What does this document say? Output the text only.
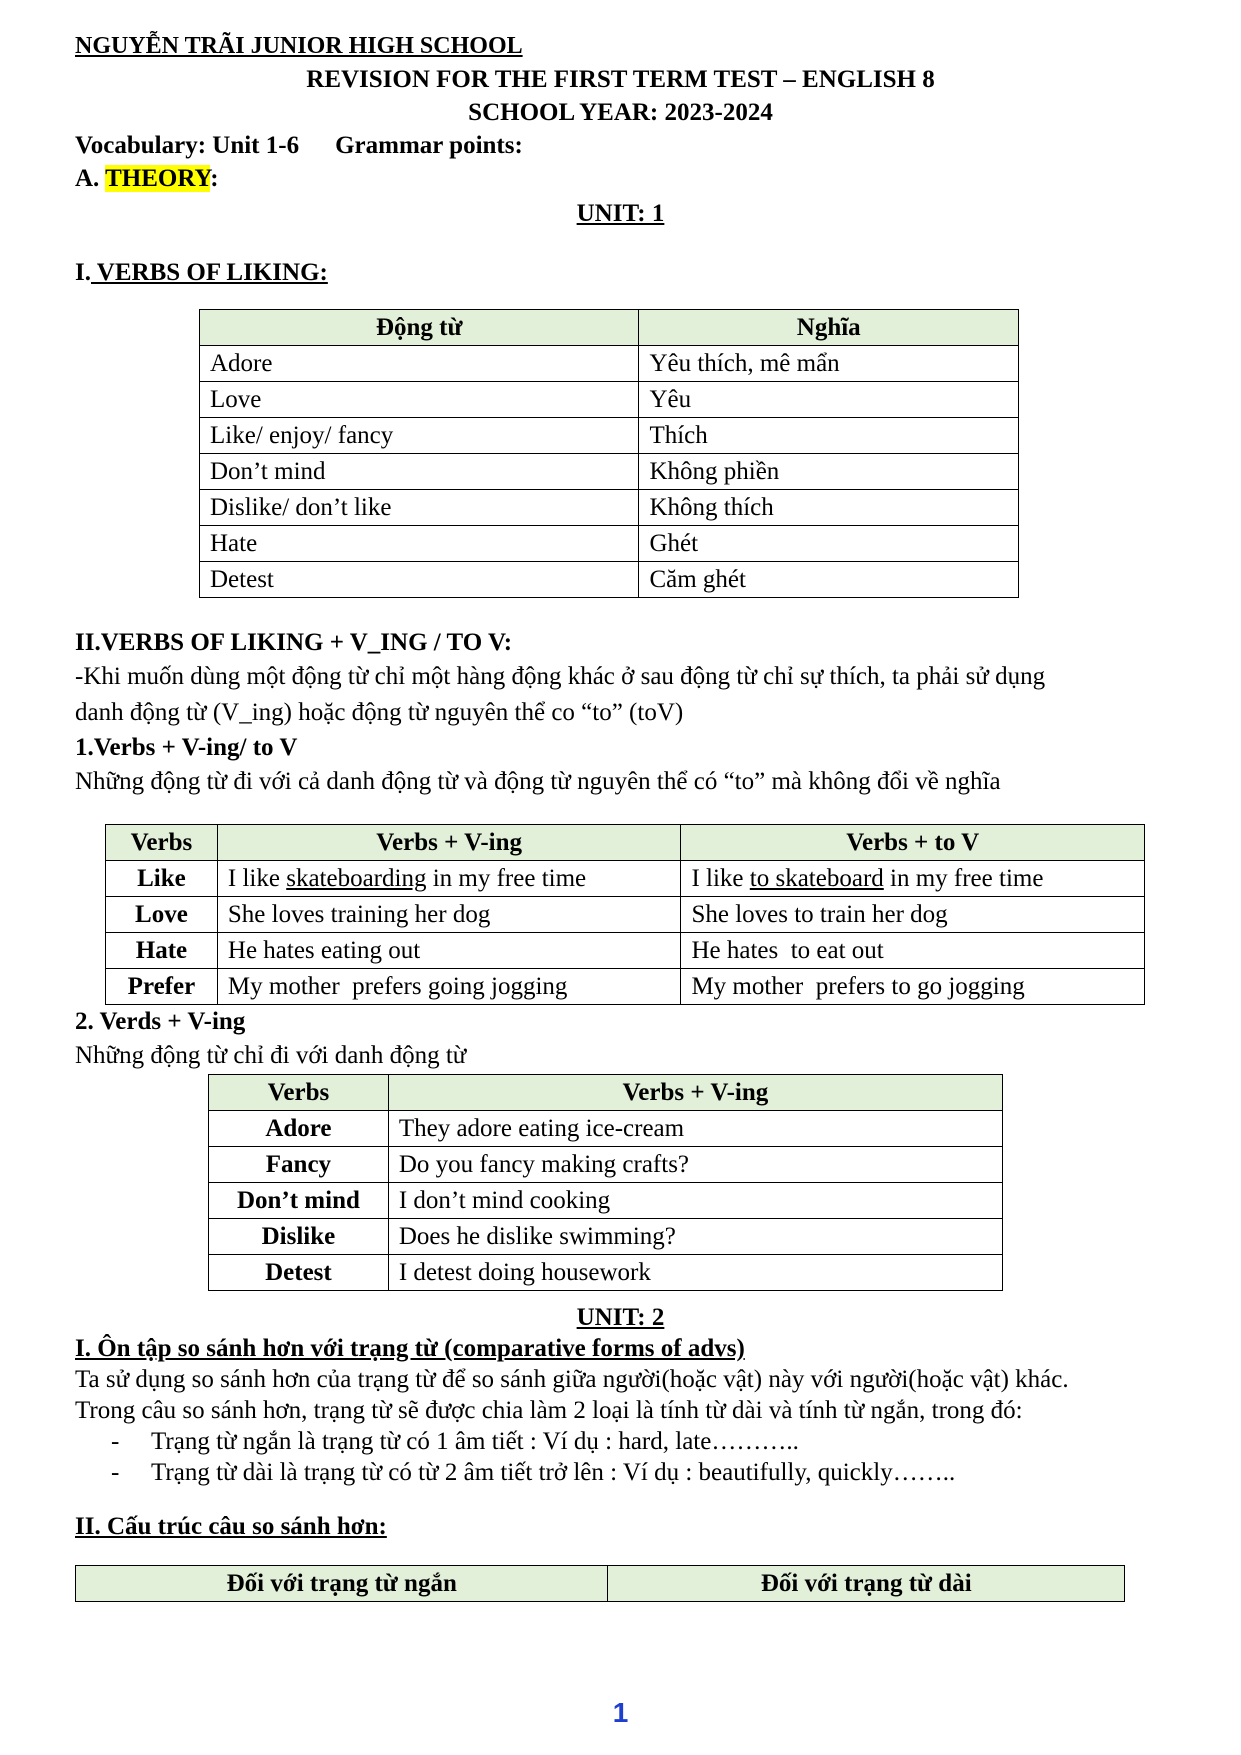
NGUYỄN TRÃI JUNIOR HIGH SCHOOL

REVISION FOR THE FIRST TERM TEST – ENGLISH 8

SCHOOL YEAR: 2023-2024

Vocabulary: Unit 1-6 Grammar points:

A. THEORY:

UNIT: 1

I. VERBS OF LIKING:

Động từ	Nghĩa
Adore	Yêu thích, mê mẩn
Love	Yêu
Like/ enjoy/ fancy	Thích
Don’t mind	Không phiền
Dislike/ don’t like	Không thích
Hate	Ghét
Detest	Căm ghét

II.VERBS OF LIKING + V_ING / TO V:

-Khi muốn dùng một động từ chỉ một hàng động khác ở sau động từ chỉ sự thích, ta phải sử dụng

danh động từ (V_ing) hoặc động từ nguyên thể co “to” (toV)

1.Verbs + V-ing/ to V

Những động từ đi với cả danh động từ và động từ nguyên thể có “to” mà không đổi về nghĩa

Verbs	Verbs + V-ing	Verbs + to V
Like	I like skateboarding in my free time	I like to skateboard in my free time
Love	She loves training her dog	She loves to train her dog
Hate	He hates eating out	He hates  to eat out
Prefer	My mother  prefers going jogging	My mother  prefers to go jogging

2. Verds + V-ing

Những động từ chỉ đi với danh động từ

Verbs	Verbs + V-ing
Adore	They adore eating ice-cream
Fancy	Do you fancy making crafts?
Don’t mind	I don’t mind cooking
Dislike	Does he dislike swimming?
Detest	I detest doing housework

UNIT: 2

I. Ôn tập so sánh hơn với trạng từ (comparative forms of advs)

Ta sử dụng so sánh hơn của trạng từ để so sánh giữa người(hoặc vật) này với người(hoặc vật) khác.

Trong câu so sánh hơn, trạng từ sẽ được chia làm 2 loại là tính từ dài và tính từ ngắn, trong đó:

- Trạng từ ngắn là trạng từ có 1 âm tiết : Ví dụ : hard, late………..
- Trạng từ dài là trạng từ có từ 2 âm tiết trở lên : Ví dụ : beautifully, quickly……..

II. Cấu trúc câu so sánh hơn:

Đối với trạng từ ngắn	Đối với trạng từ dài
1
